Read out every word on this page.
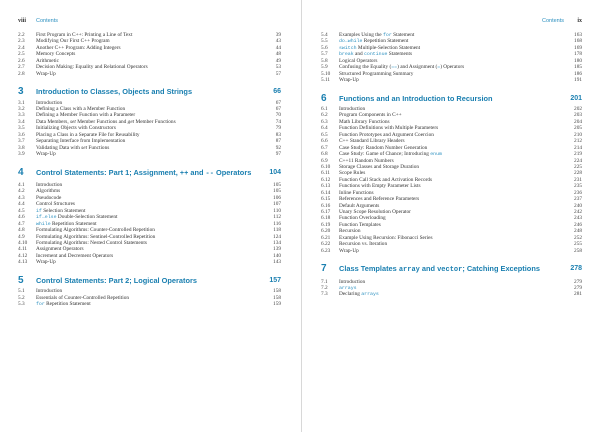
viii Contents
2.2 First Program in C++: Printing a Line of Text	39
2.3 Modifying Our First C++ Program	43
2.4 Another C++ Program: Adding Integers	44
2.5 Memory Concepts	48
2.6 Arithmetic	49
2.7 Decision Making: Equality and Relational Operators	53
2.8 Wrap-Up	57
3 Introduction to Classes, Objects and Strings	66
3.1 Introduction	67
3.2 Defining a Class with a Member Function	67
3.3 Defining a Member Function with a Parameter	70
3.4 Data Members, set Member Functions and get Member Functions	74
3.5 Initializing Objects with Constructors	79
3.6 Placing a Class in a Separate File for Reusability	83
3.7 Separating Interface from Implementation	87
3.8 Validating Data with set Functions	92
3.9 Wrap-Up	97
4 Control Statements: Part 1; Assignment, ++ and -- Operators	104
4.1 Introduction	105
4.2 Algorithms	105
4.3 Pseudocode	106
4.4 Control Structures	107
4.5 if Selection Statement	110
4.6 if…else Double-Selection Statement	112
4.7 while Repetition Statement	116
4.8 Formulating Algorithms: Counter-Controlled Repetition	118
4.9 Formulating Algorithms: Sentinel-Controlled Repetition	124
4.10 Formulating Algorithms: Nested Control Statements	134
4.11 Assignment Operators	139
4.12 Increment and Decrement Operators	140
4.13 Wrap-Up	143
5 Control Statements: Part 2; Logical Operators	157
5.1 Introduction	158
5.2 Essentials of Counter-Controlled Repetition	158
5.3 for Repetition Statement	159
Contents ix
5.4 Examples Using the for Statement	163
5.5 do…while Repetition Statement	168
5.6 switch Multiple-Selection Statement	169
5.7 break and continue Statements	178
5.8 Logical Operators	180
5.9 Confusing the Equality (==) and Assignment (=) Operators	185
5.10 Structured Programming Summary	186
5.11 Wrap-Up	191
6 Functions and an Introduction to Recursion	201
6.1 Introduction	202
6.2 Program Components in C++	203
6.3 Math Library Functions	204
6.4 Function Definitions with Multiple Parameters	205
6.5 Function Prototypes and Argument Coercion	210
6.6 C++ Standard Library Headers	212
6.7 Case Study: Random Number Generation	214
6.8 Case Study: Game of Chance; Introducing enum	219
6.9 C++11 Random Numbers	224
6.10 Storage Classes and Storage Duration	225
6.11 Scope Rules	228
6.12 Function Call Stack and Activation Records	231
6.13 Functions with Empty Parameter Lists	235
6.14 Inline Functions	236
6.15 References and Reference Parameters	237
6.16 Default Arguments	240
6.17 Unary Scope Resolution Operator	242
6.18 Function Overloading	243
6.19 Function Templates	246
6.20 Recursion	248
6.21 Example Using Recursion: Fibonacci Series	252
6.22 Recursion vs. Iteration	255
6.23 Wrap-Up	258
7 Class Templates array and vector; Catching Exceptions	278
7.1 Introduction	279
7.2 arrays	279
7.3 Declaring arrays	281
